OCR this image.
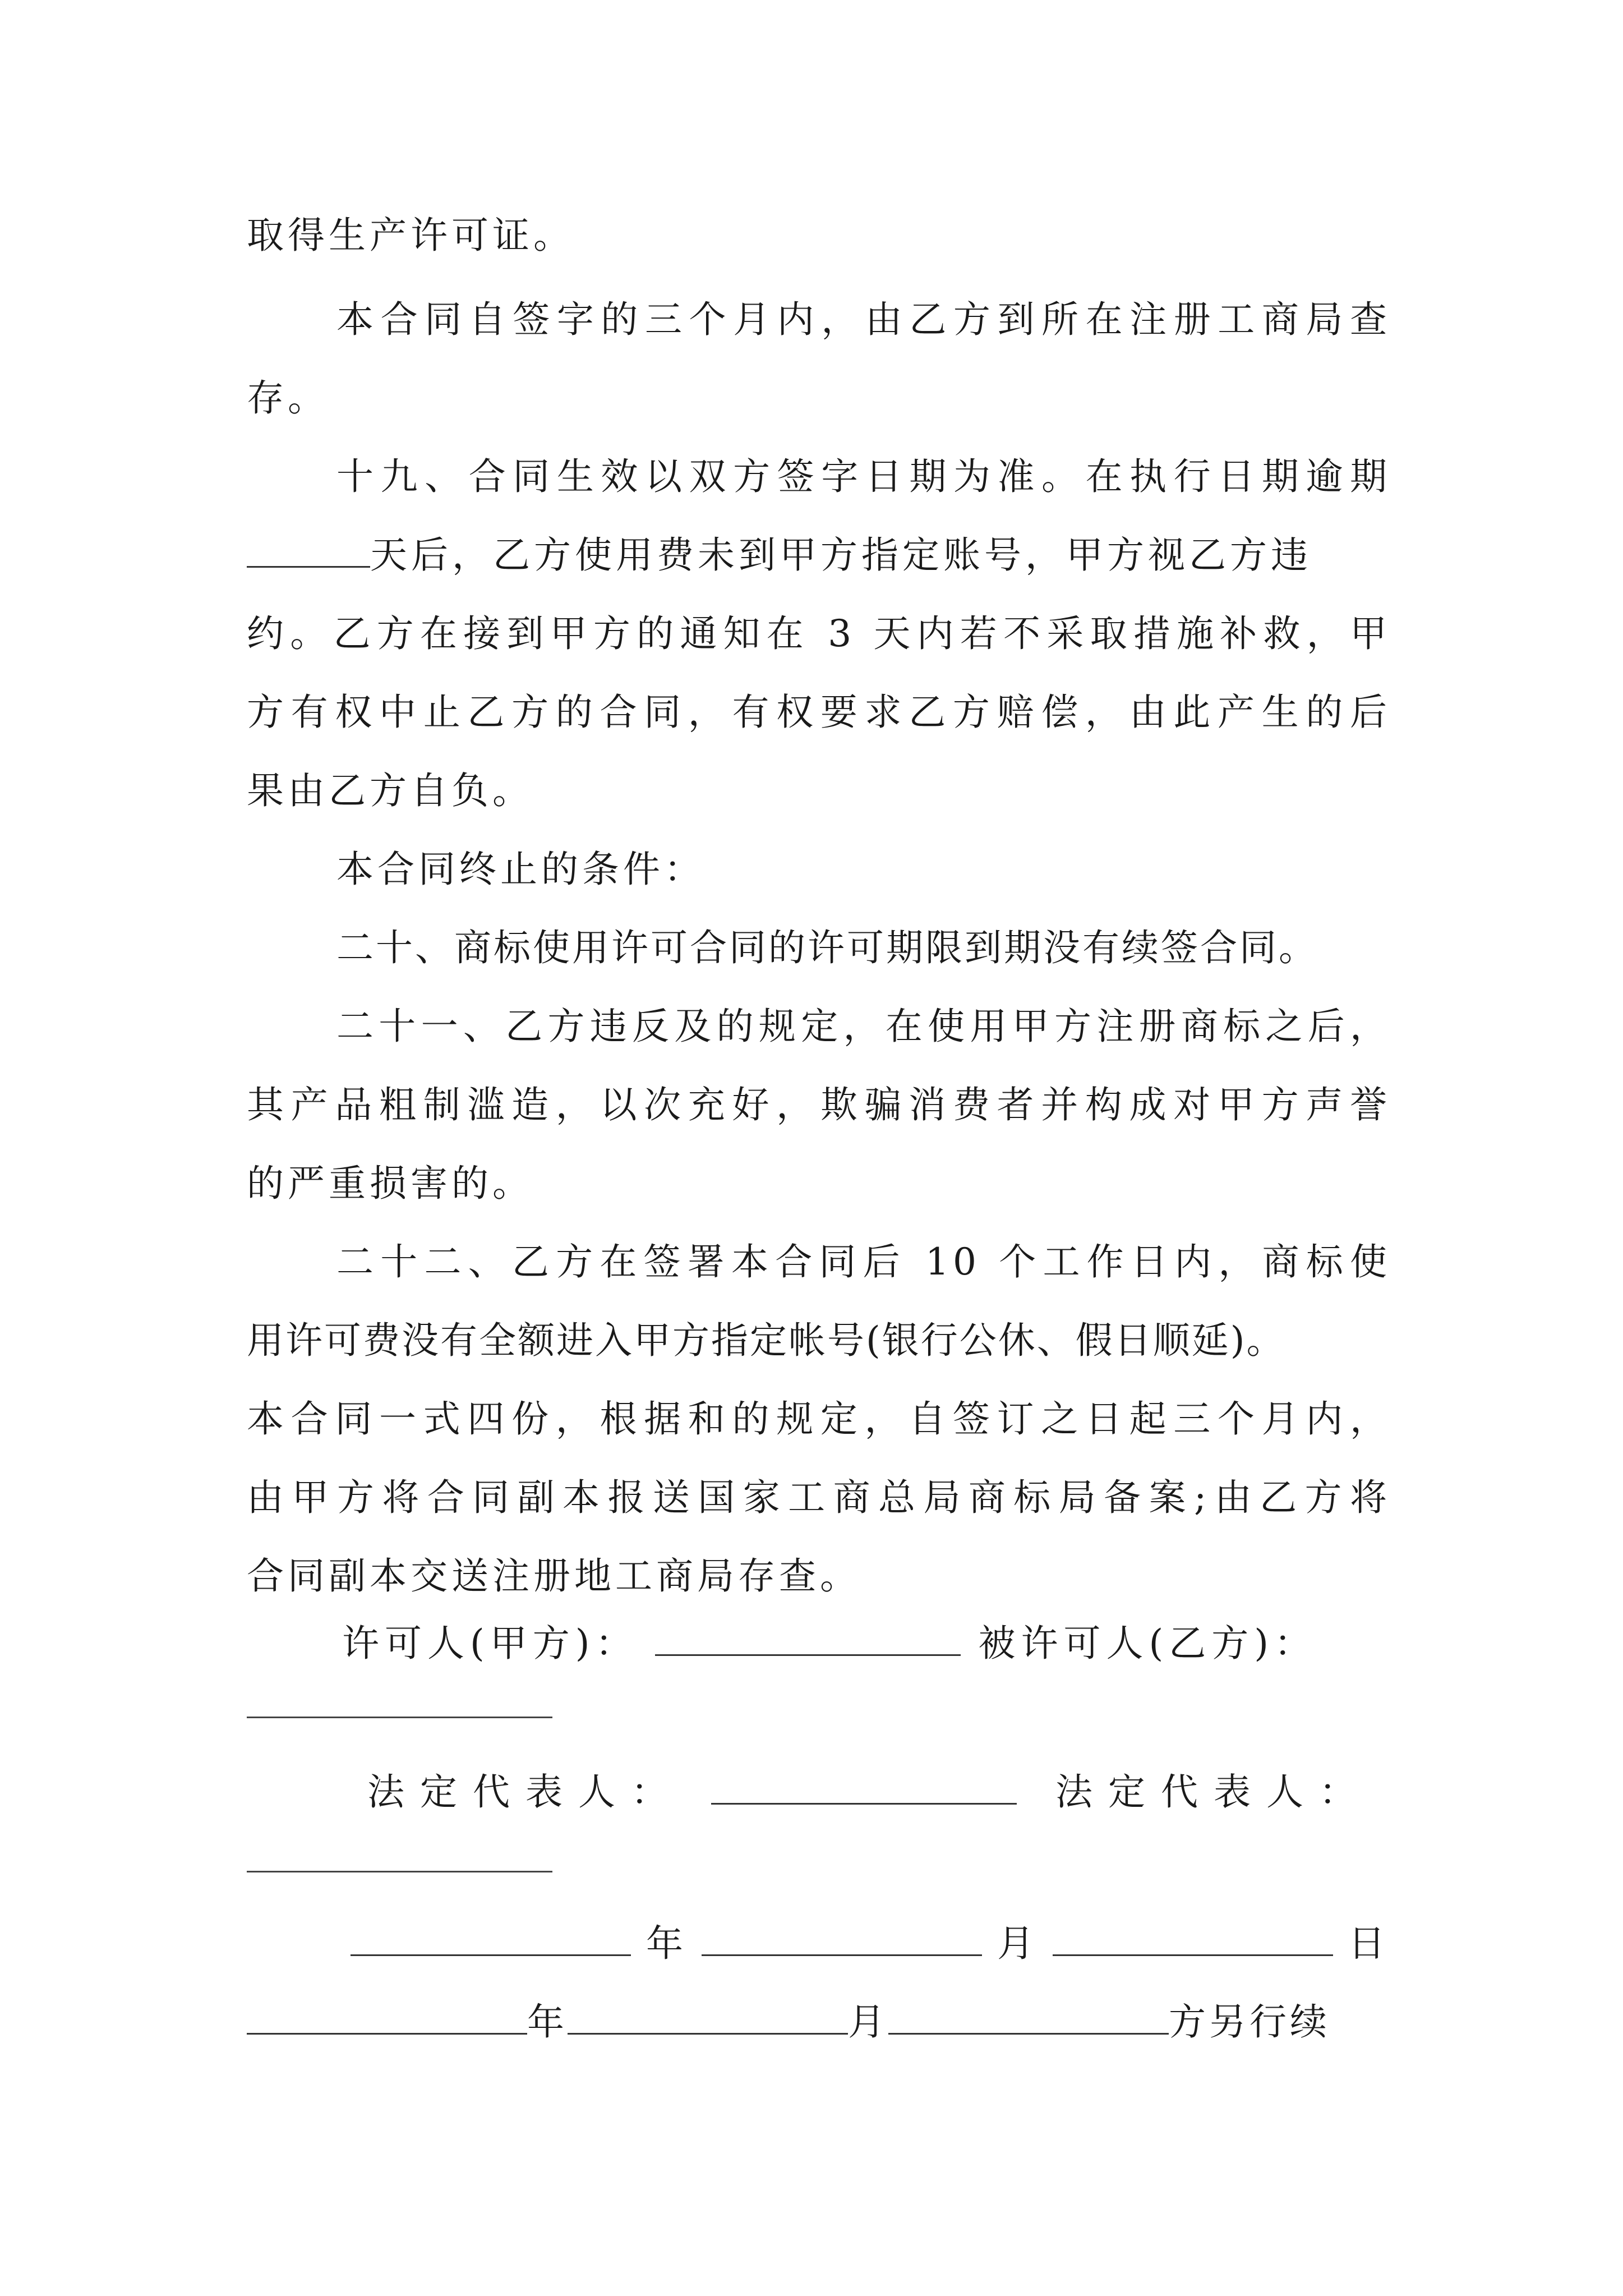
取得生产许可证。
本合同自签字的三个月内，由乙方到所在注册工商局查
存。
十九、合同生效以双方签字日期为准。在执行日期逾期
天后，乙方使用费未到甲方指定账号，甲方视乙方违
约。乙方在接到甲方的通知在 3 天内若不采取措施补救，甲
方有权中止乙方的合同，有权要求乙方赔偿，由此产生的后
果由乙方自负。
本合同终止的条件：
二十、商标使用许可合同的许可期限到期没有续签合同。
二十一、乙方违反及的规定，在使用甲方注册商标之后，
其产品粗制滥造，以次充好，欺骗消费者并构成对甲方声誉
的严重损害的。
二十二、乙方在签署本合同后 10 个工作日内，商标使
用许可费没有全额进入甲方指定帐号(银行公休、假日顺延)。
本合同一式四份，根据和的规定，自签订之日起三个月内，
由甲方将合同副本报送国家工商总局商标局备案;由乙方将
合同副本交送注册地工商局存查。
许可人(甲方)：	被许可人(乙方)：
法定代表人：	法定代表人：
年	月	日
年	月	方另行续
